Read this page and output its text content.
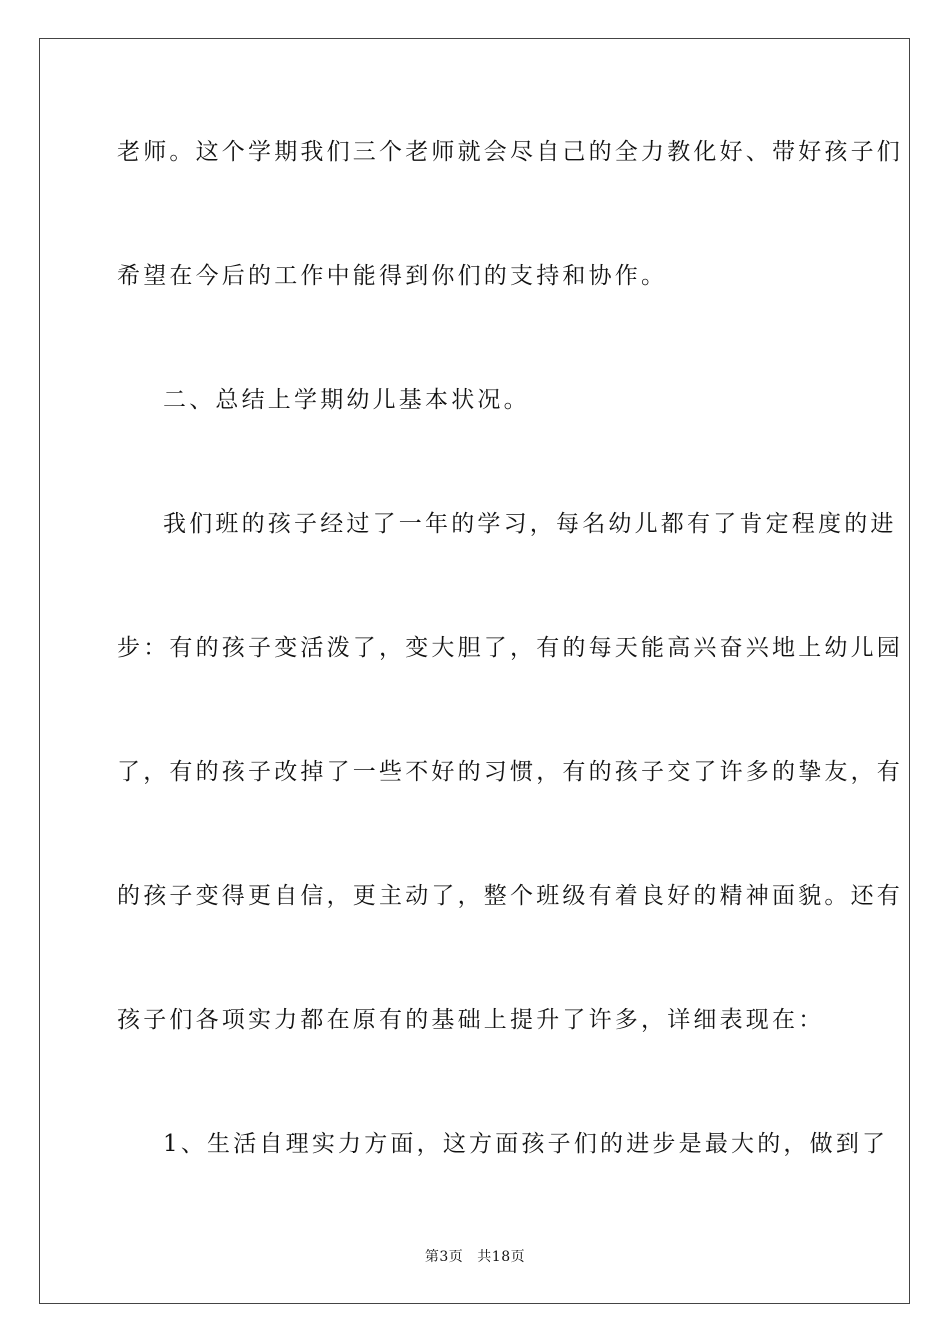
老师。这个学期我们三个老师就会尽自己的全力教化好、带好孩子们
希望在今后的工作中能得到你们的支持和协作。
二、总结上学期幼儿基本状况。
我们班的孩子经过了一年的学习，每名幼儿都有了肯定程度的进
步：有的孩子变活泼了，变大胆了，有的每天能高兴奋兴地上幼儿园
了，有的孩子改掉了一些不好的习惯，有的孩子交了许多的挚友，有
的孩子变得更自信，更主动了，整个班级有着良好的精神面貌。还有
孩子们各项实力都在原有的基础上提升了许多，详细表现在：
1、生活自理实力方面，这方面孩子们的进步是最大的，做到了
第3页 共18页
